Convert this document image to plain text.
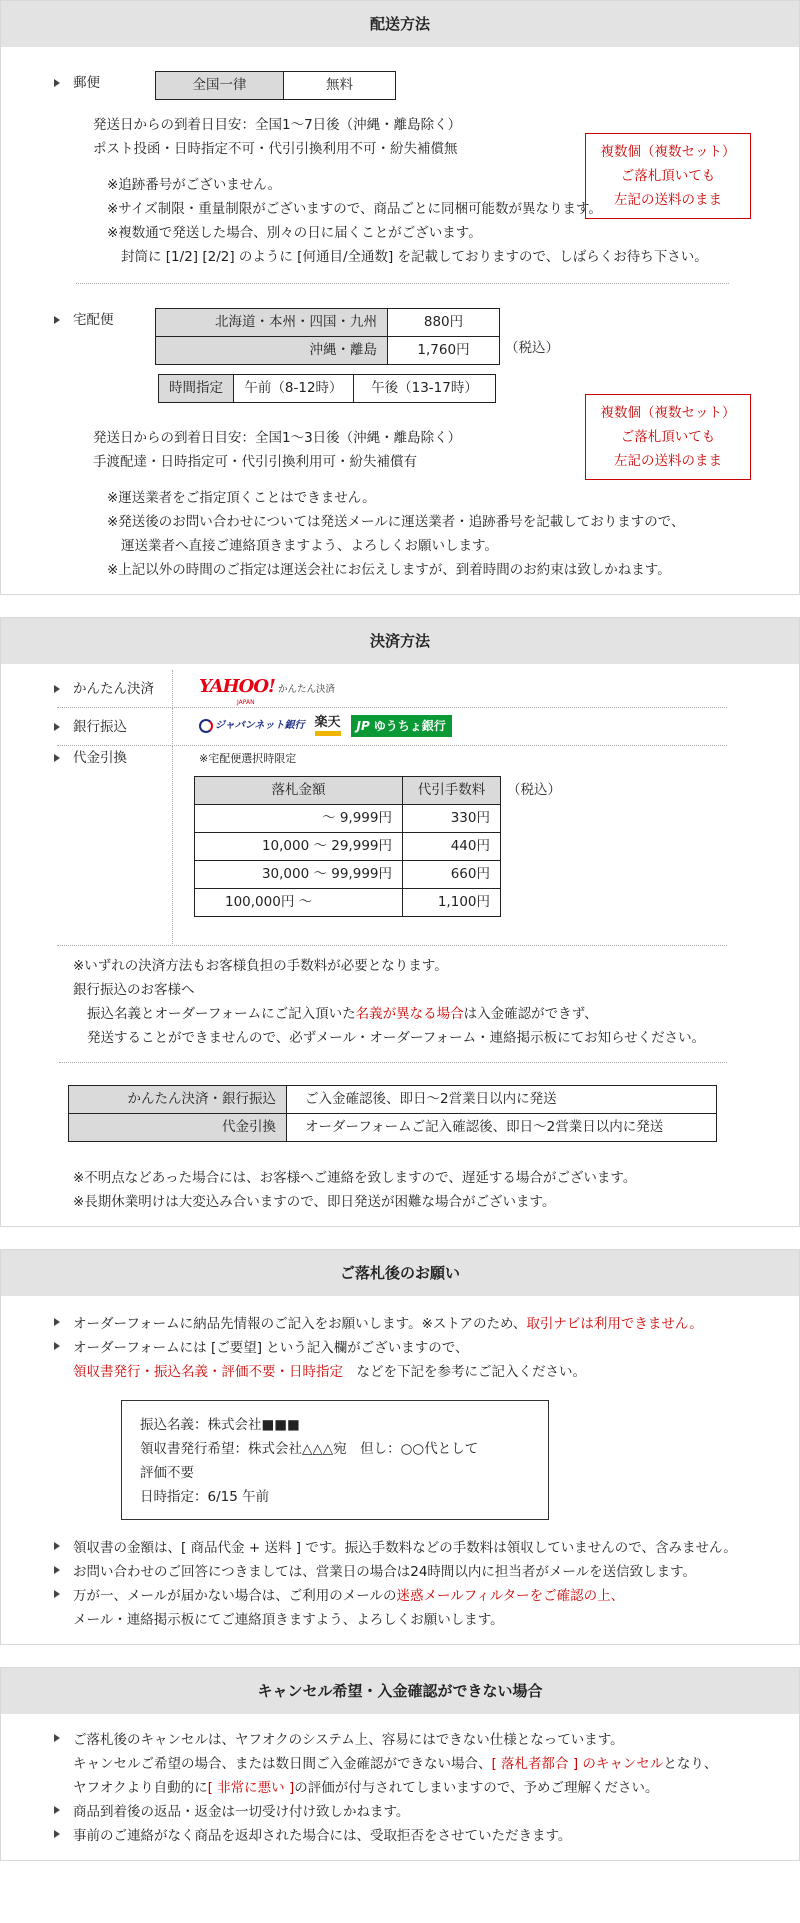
配送方法
郵便	全国一律	無料
複数個（複数セット）
ご落札頂いても
左記の送料のまま
発送日からの到着日目安：全国1〜7日後（沖縄・離島除く）
ポスト投函・日時指定不可・代引引換利用不可・紛失補償無
※追跡番号がございません。
※サイズ制限・重量制限がございますので、商品ごとに同梱可能数が異なります。
※複数通で発送した場合、別々の日に届くことがございます。
封筒に [1/2] [2/2] のように [何通目/全通数] を記載しておりますので、しばらくお待ち下さい。
宅配便	北海道・本州・四国・九州	880円
沖縄・離島	1,760円	（税込）
複数個（複数セット）
ご落札頂いても
左記の送料のまま
時間指定	午前（8-12時）	午後（13-17時）
発送日からの到着日目安：全国1〜3日後（沖縄・離島除く）
手渡配達・日時指定可・代引引換利用可・紛失補償有
※運送業者をご指定頂くことはできません。
※発送後のお問い合わせについては発送メールに運送業者・追跡番号を記載しておりますので、
運送業者へ直接ご連絡頂きますよう、よろしくお願いします。
※上記以外の時間のご指定は運送会社にお伝えしますが、到着時間のお約束は致しかねます。
決済方法
かんたん決済	YAHOO! かんたん決済
JAPAN
銀行振込	ジャパンネット銀行 楽天 JP ゆうちょ銀行
代金引換	※宅配便選択時限定
落札金額	代引手数料
〜 9,999円	330円
10,000 〜 29,999円	440円
30,000 〜 99,999円	660円
100,000円 〜	1,100円
（税込）
※いずれの決済方法もお客様負担の手数料が必要となります。
銀行振込のお客様へ
振込名義とオーダーフォームにご記入頂いた名義が異なる場合は入金確認ができず、
発送することができませんので、必ずメール・オーダーフォーム・連絡掲示板にてお知らせください。
かんたん決済・銀行振込	ご入金確認後、即日〜2営業日以内に発送
代金引換	オーダーフォームご記入確認後、即日〜2営業日以内に発送
※不明点などあった場合には、お客様へご連絡を致しますので、遅延する場合がございます。
※長期休業明けは大変込み合いますので、即日発送が困難な場合がございます。
ご落札後のお願い
オーダーフォームに納品先情報のご記入をお願いします。※ストアのため、取引ナビは利用できません。
オーダーフォームには [ご要望] という記入欄がございますので、
領収書発行・振込名義・評価不要・日時指定　などを下記を参考にご記入ください。
振込名義：株式会社■■■
領収書発行希望：株式会社△△△宛　但し：○○代として
評価不要
日時指定：6/15 午前
領収書の金額は、[ 商品代金 + 送料 ] です。振込手数料などの手数料は領収していませんので、含みません。
お問い合わせのご回答につきましては、営業日の場合は24時間以内に担当者がメールを送信致します。
万が一、メールが届かない場合は、ご利用のメールの迷惑メールフィルターをご確認の上、
メール・連絡掲示板にてご連絡頂きますよう、よろしくお願いします。
キャンセル希望・入金確認ができない場合
ご落札後のキャンセルは、ヤフオクのシステム上、容易にはできない仕様となっています。
キャンセルご希望の場合、または数日間ご入金確認ができない場合、[ 落札者都合 ] のキャンセルとなり、
ヤフオクより自動的に[ 非常に悪い ]の評価が付与されてしまいますので、予めご理解ください。
商品到着後の返品・返金は一切受け付け致しかねます。
事前のご連絡がなく商品を返却された場合には、受取拒否をさせていただきます。
